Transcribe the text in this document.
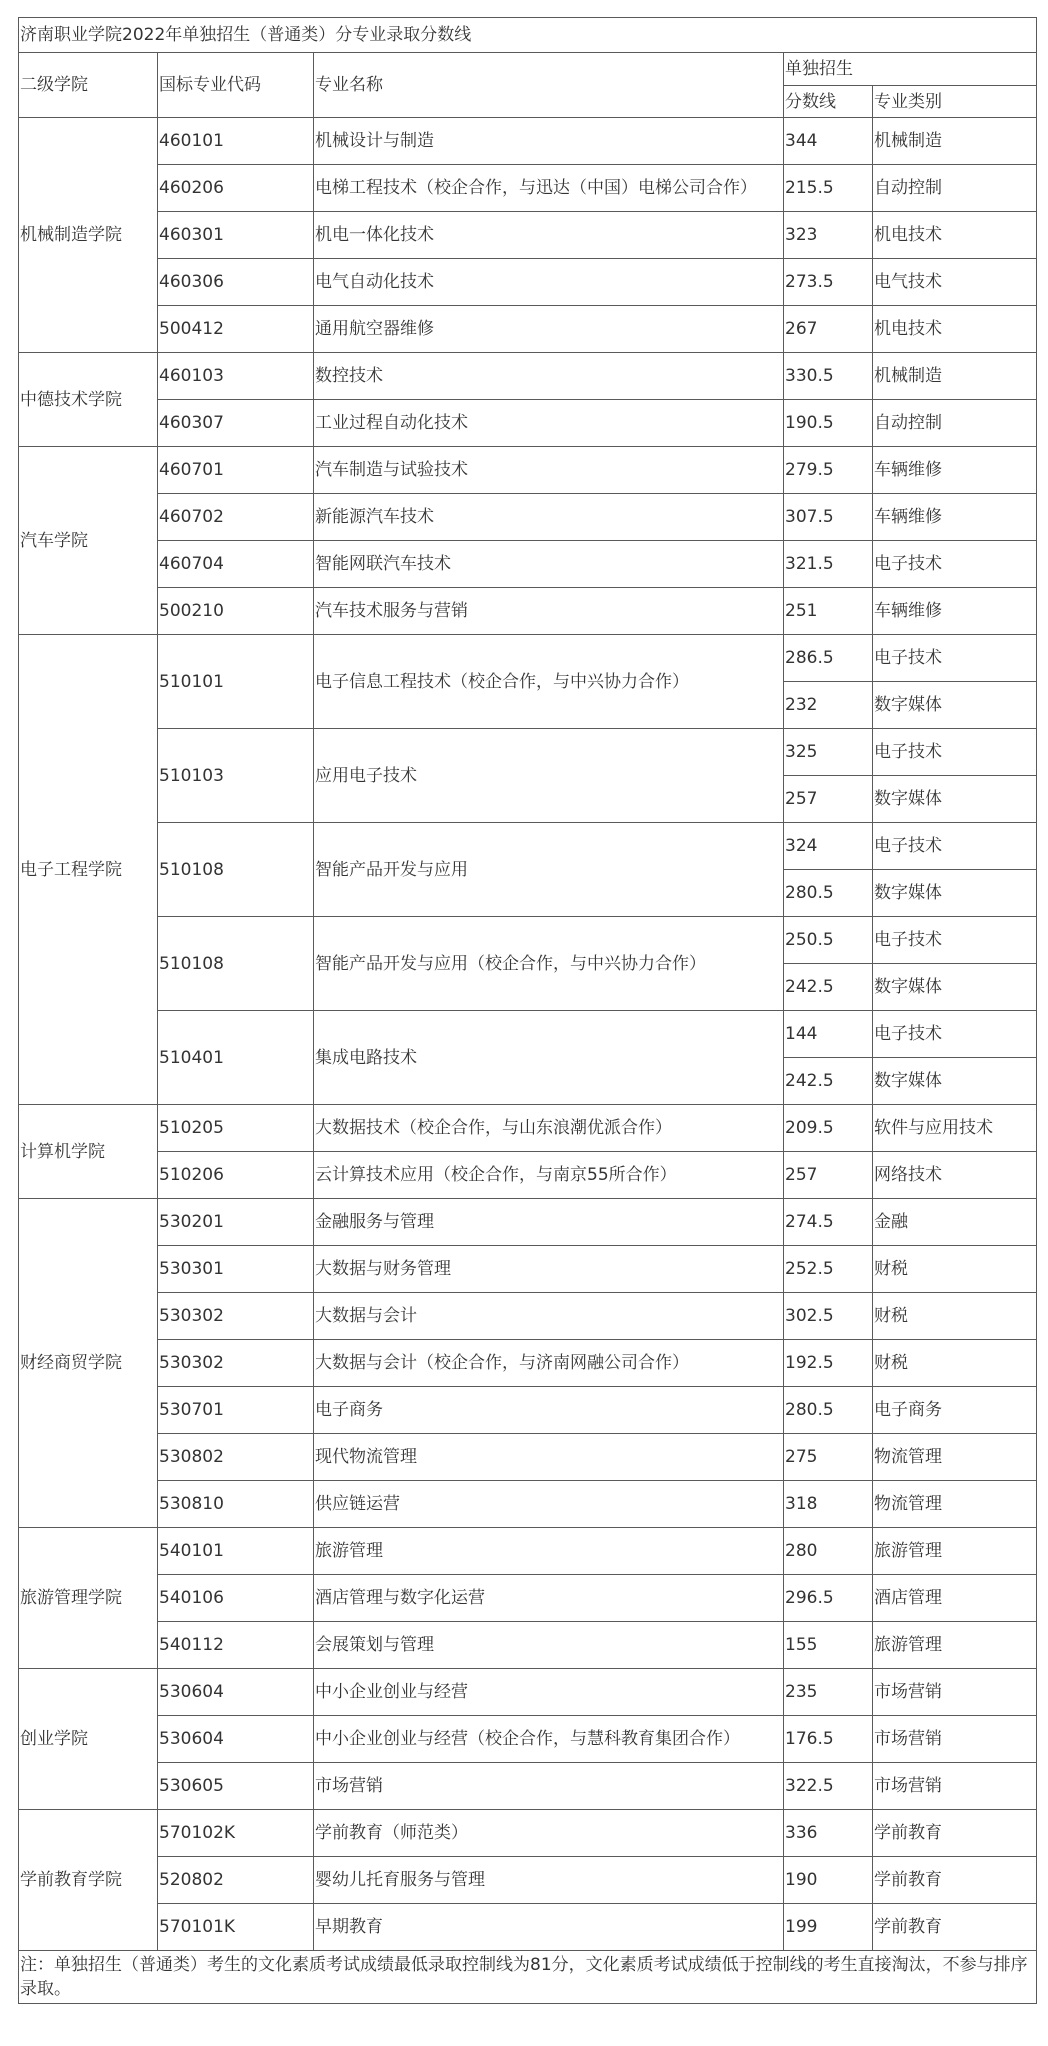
济南职业学院2022年单独招生（普通类）分专业录取分数线				
二级学院	国标专业代码	专业名称	单独招生	
			分数线	专业类别
机械制造学院	460101	机械设计与制造	344	机械制造
	460206	电梯工程技术（校企合作，与迅达（中国）电梯公司合作）	215.5	自动控制
	460301	机电一体化技术	323	机电技术
	460306	电气自动化技术	273.5	电气技术
	500412	通用航空器维修	267	机电技术
中德技术学院	460103	数控技术	330.5	机械制造
	460307	工业过程自动化技术	190.5	自动控制
汽车学院	460701	汽车制造与试验技术	279.5	车辆维修
	460702	新能源汽车技术	307.5	车辆维修
	460704	智能网联汽车技术	321.5	电子技术
	500210	汽车技术服务与营销	251	车辆维修
电子工程学院	510101	电子信息工程技术（校企合作，与中兴协力合作）	286.5	电子技术
			232	数字媒体
	510103	应用电子技术	325	电子技术
			257	数字媒体
	510108	智能产品开发与应用	324	电子技术
			280.5	数字媒体
	510108	智能产品开发与应用（校企合作，与中兴协力合作）	250.5	电子技术
			242.5	数字媒体
	510401	集成电路技术	144	电子技术
			242.5	数字媒体
计算机学院	510205	大数据技术（校企合作，与山东浪潮优派合作）	209.5	软件与应用技术
	510206	云计算技术应用（校企合作，与南京55所合作）	257	网络技术
财经商贸学院	530201	金融服务与管理	274.5	金融
	530301	大数据与财务管理	252.5	财税
	530302	大数据与会计	302.5	财税
	530302	大数据与会计（校企合作，与济南网融公司合作）	192.5	财税
	530701	电子商务	280.5	电子商务
	530802	现代物流管理	275	物流管理
	530810	供应链运营	318	物流管理
旅游管理学院	540101	旅游管理	280	旅游管理
	540106	酒店管理与数字化运营	296.5	酒店管理
	540112	会展策划与管理	155	旅游管理
创业学院	530604	中小企业创业与经营	235	市场营销
	530604	中小企业创业与经营（校企合作，与慧科教育集团合作）	176.5	市场营销
	530605	市场营销	322.5	市场营销
学前教育学院	570102K	学前教育（师范类）	336	学前教育
	520802	婴幼儿托育服务与管理	190	学前教育
	570101K	早期教育	199	学前教育
注：单独招生（普通类）考生的文化素质考试成绩最低录取控制线为81分，文化素质考试成绩低于控制线的考生直接淘汰，不参与排序录取。				
